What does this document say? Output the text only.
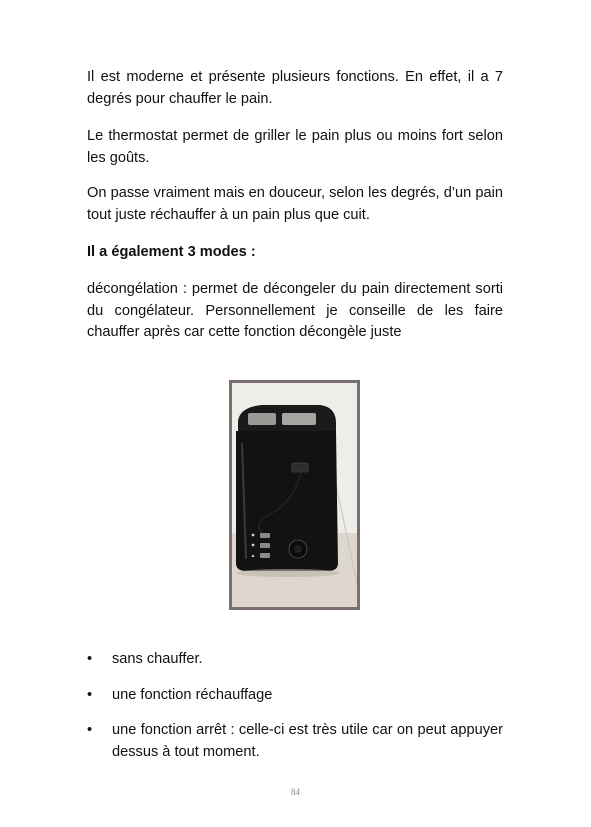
Il est moderne et présente plusieurs fonctions. En effet, il a 7 degrés pour chauffer le pain.

Le thermostat permet de griller le pain plus ou moins fort selon les goûts.

On passe vraiment mais en douceur, selon les degrés, d’un pain tout juste réchauffer à un pain plus que cuit.

Il a également 3 modes :

décongélation : permet de décongeler du pain directement sorti du congélateur. Personnellement je conseille de les faire chauffer après car cette fonction décongèle juste

• sans chauffer.
• une fonction réchauffage
• une fonction arrêt : celle-ci est très utile car on peut appuyer dessus à tout moment.
84
